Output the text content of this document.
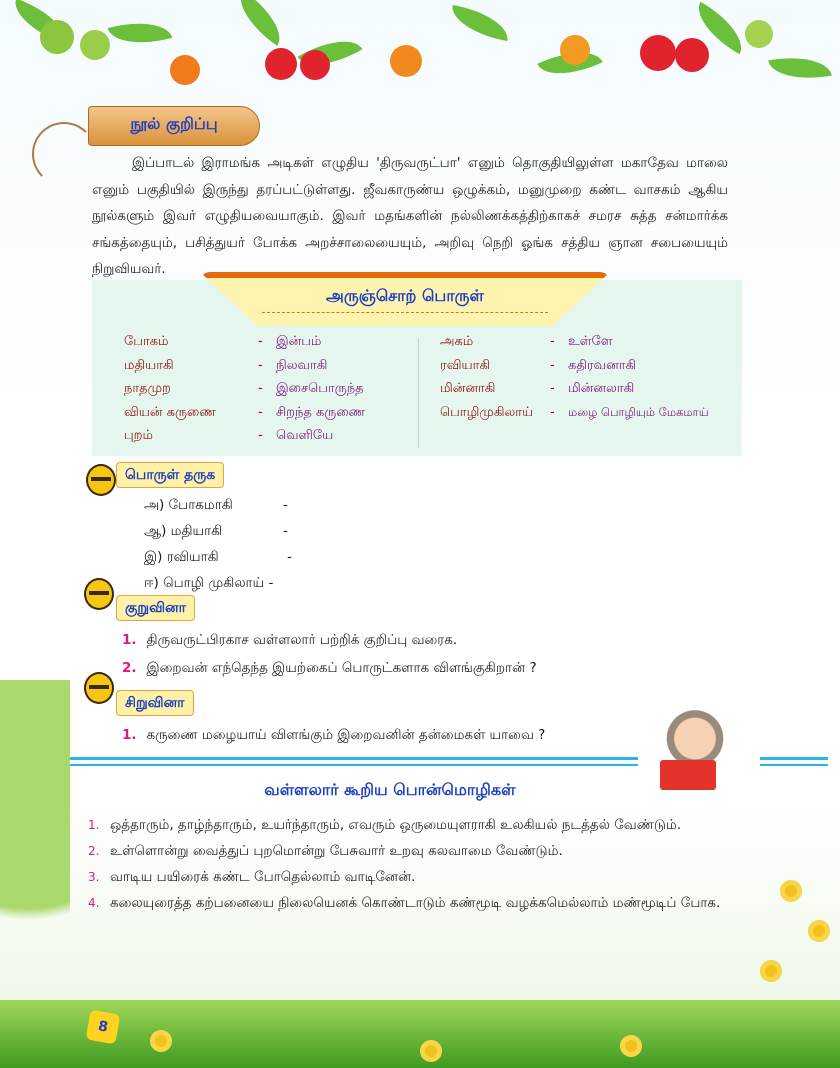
நூல் குறிப்பு

இப்பாடல் இராமங்க அடிகள் எழுதிய 'திருவருட்பா' எனும் தொகுதியிலுள்ள மகாதேவ மாலை எனும் பகுதியில் இருந்து தரப்பட்டுள்ளது. ஜீவகாருண்ய ஒழுக்கம், மனுமுறை கண்ட வாசகம் ஆகிய நூல்களும் இவர் எழுதியவையாகும். இவர் மதங்களின் நல்லிணக்கத்திற்காகச் சமரச சுத்த சன்மார்க்க சங்கத்தையும், பசித்துயர் போக்க அறச்சாலையையும், அறிவு நெறி ஓங்க சத்திய ஞான சபையையும் நிறுவியவர்.

அருஞ்சொற் பொருள்
போகம்
மதியாகி
நாதமுற
வியன் கருணை
புறம்
-
-
-
-
-
இன்பம்
நிலவாகி
இசைபொருந்த
சிறந்த கருணை
வெளியே
அகம்
ரவியாகி
மின்னாகி
பொழிமுகிலாய்
-
-
-
-
உள்ளே
கதிரவனாகி
மின்னலாகி
மழை பொழியும் மேகமாய்
பொருள் தருக
அ) போகமாகி
ஆ) மதியாகி
இ) ரவியாகி
ஈ) பொழி முகிலாய் -
-
-
-
குறுவினா
1. திருவருட்பிரகாச வள்ளலார் பற்றிக் குறிப்பு வரைக.
2. இறைவன் எந்தெந்த இயற்கைப் பொருட்களாக விளங்குகிறான் ?
சிறுவினா
1. கருணை மழையாய் விளங்கும் இறைவனின் தன்மைகள் யாவை ?
வள்ளலார் கூறிய பொன்மொழிகள்
1. ஒத்தாரும், தாழ்ந்தாரும், உயர்ந்தாரும், எவரும் ஒருமையுளராகி உலகியல் நடத்தல் வேண்டும்.
2. உள்ளொன்று வைத்துப் புறமொன்று பேசுவார் உறவு கலவாமை வேண்டும்.
3. வாடிய பயிரைக் கண்ட போதெல்லாம் வாடினேன்.
4. கலையுரைத்த கற்பனையை நிலையெனக் கொண்டாடும் கண்மூடி வழக்கமெல்லாம் மண்மூடிப் போக.
8
